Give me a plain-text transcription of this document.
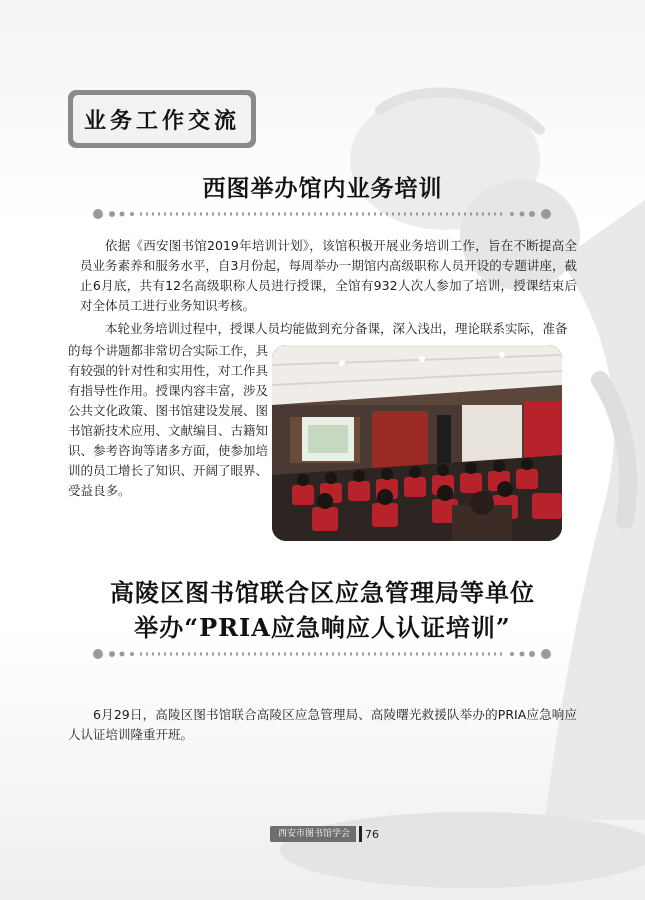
业务工作交流
西图举办馆内业务培训

依据《西安图书馆2019年培训计划》，该馆积极开展业务培训工作，旨在不断提高全员业务素养和服务水平，自3月份起，每周举办一期馆内高级职称人员开设的专题讲座，截止6月底，共有12名高级职称人员进行授课，全馆有932人次人参加了培训，授课结束后对全体员工进行业务知识考核。

本轮业务培训过程中，授课人员均能做到充分备课，深入浅出，理论联系实际，准备

的每个讲题都非常切合实际工作，具有较强的针对性和实用性，对工作具有指导性作用。授课内容丰富，涉及公共文化政策、图书馆建设发展、图书馆新技术应用、文献编目、古籍知识、参考咨询等诸多方面，使参加培训的员工增长了知识、开阔了眼界、受益良多。

高陵区图书馆联合区应急管理局等单位
举办“PRIA应急响应人认证培训”

6月29日，高陵区图书馆联合高陵区应急管理局、高陵曙光救援队举办的PRIA应急响应人认证培训隆重开班。

西安市图书馆学会	76
